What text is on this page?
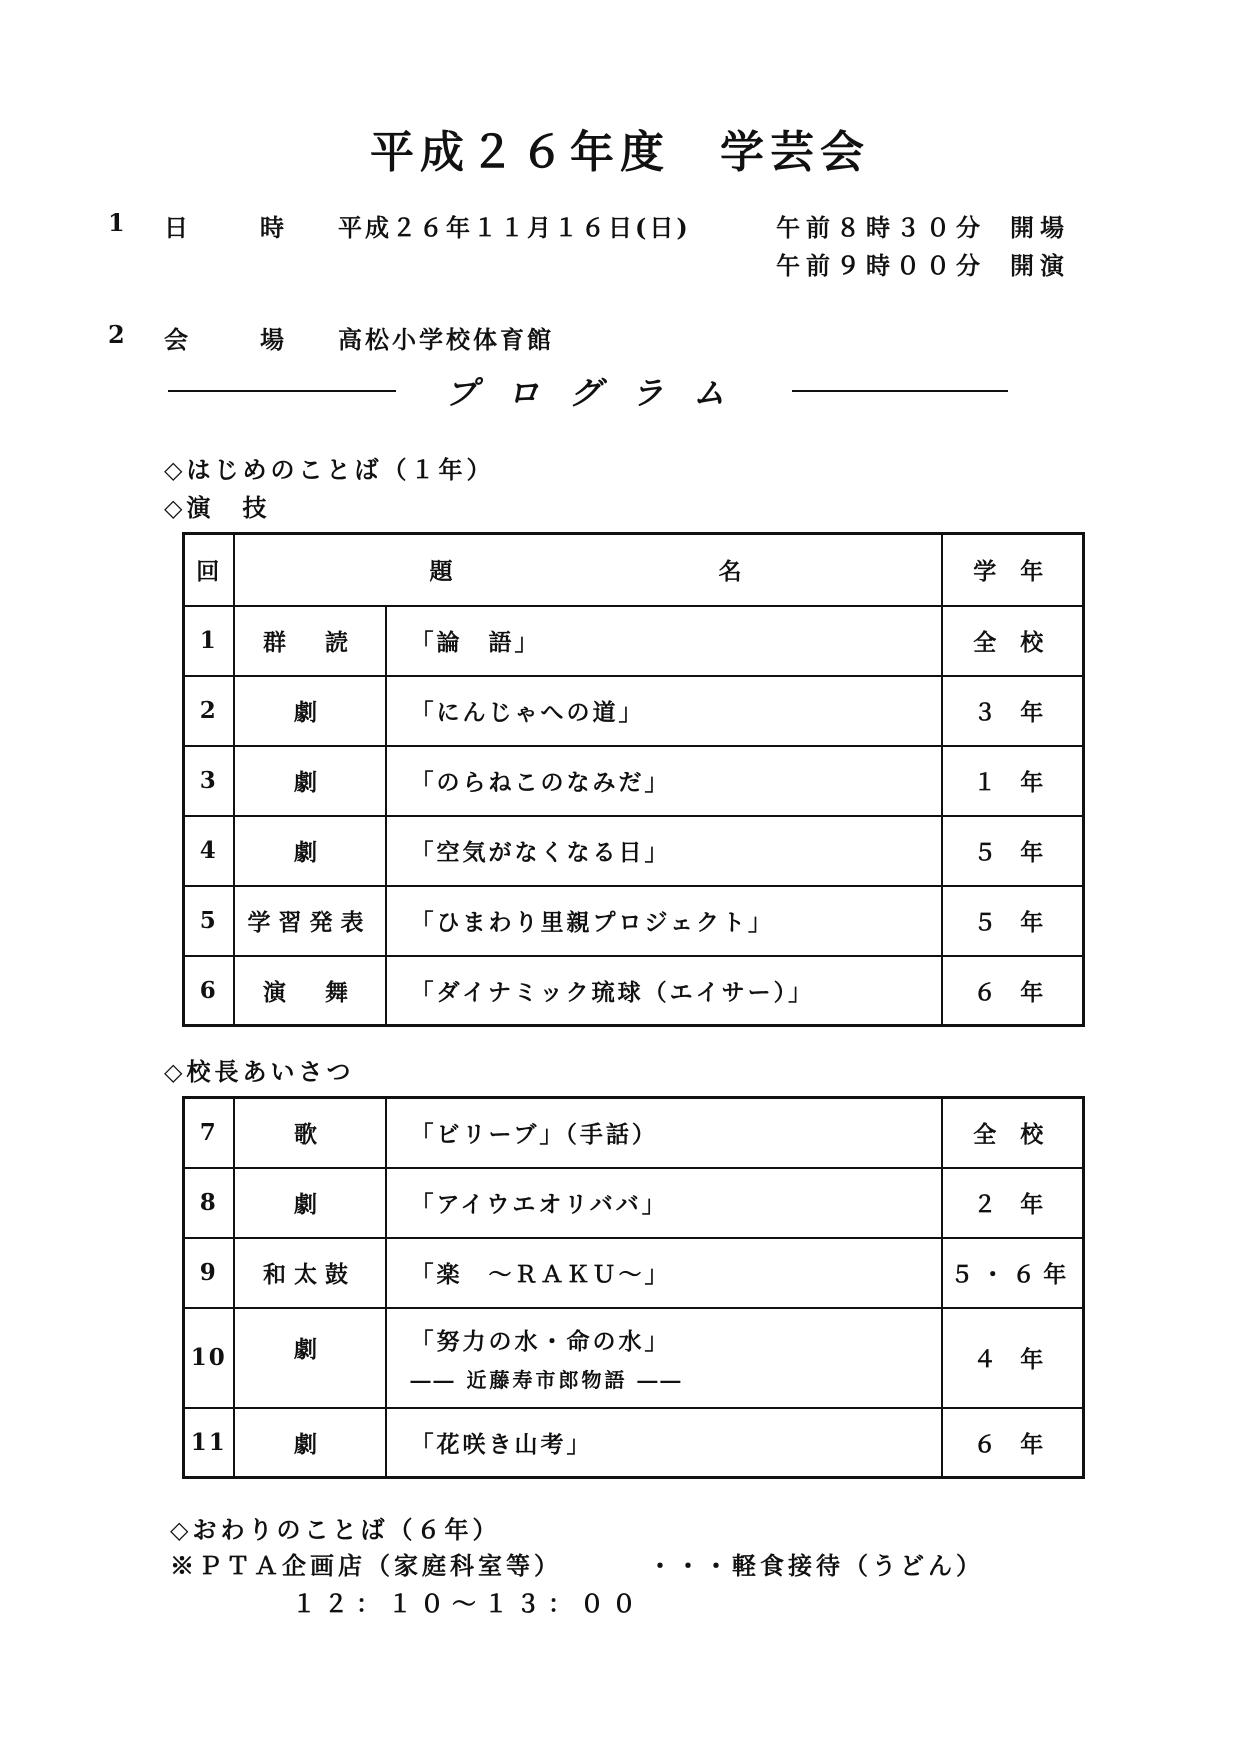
平成２６年度　学芸会
1 日　時 平成２６年１１月１６日(日)	午前８時３０分 開場
午前９時００分 開演
2 会　場 高松小学校体育館
プログラム
◇はじめのことば（１年）
◇演　技
回	題 名		学 年
1	群　読	「論　語」	全 校
2	劇	「にんじゃへの道」	３ 年
3	劇	「のらねこのなみだ」	１ 年
4	劇	「空気がなくなる日」	５ 年
5	学習発表	「ひまわり里親プロジェクト」	５ 年
6	演　舞	「ダイナミック琉球（エイサー）」	６ 年
◇校長あいさつ
7	歌	「ビリーブ」（手話）	全 校
8	劇	「アイウエオリババ」	２ 年
9	和太鼓	「楽　～ＲＡＫＵ～」	５・６年
10	劇	「努力の水・命の水」
―― 近藤寿市郎物語 ――	４ 年
11	劇	「花咲き山考」	６ 年
◇おわりのことば（６年）
※ＰＴＡ企画店（家庭科室等）	・・・軽食接待（うどん）
１２：１０～１３：００
